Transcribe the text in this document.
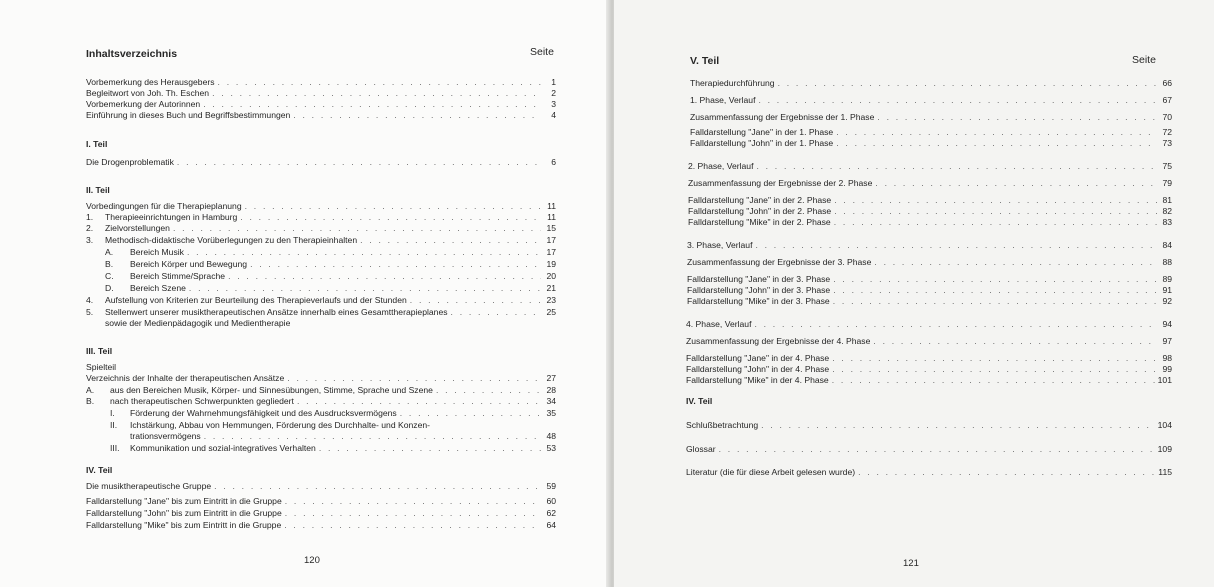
Inhaltsverzeichnis	Seite
Vorbemerkung des Herausgebers . . .	1
Begleitwort von Joh. Th. Eschen . . .	2
Vorbemerkung der Autorinnen . . .	3
Einführung in dieses Buch und Begriffsbestimmungen . . .	4
I. Teil
Die Drogenproblematik . . .	6
II. Teil
Vorbedingungen für die Therapieplanung . . .	11
1.	Therapieeinrichtungen in Hamburg . . .	11
2.	Zielvorstellungen . . .	15
3.	Methodisch-didaktische Vorüberlegungen zu den Therapieinhalten . . .	17
A.	Bereich Musik . . .	17
B.	Bereich Körper und Bewegung . . .	19
C.	Bereich Stimme/Sprache . . .	20
D.	Bereich Szene . . .	21
4.	Aufstellung von Kriterien zur Beurteilung des Therapieverlaufs und der Stunden . . .	23
5.	Stellenwert unserer musiktherapeutischen Ansätze innerhalb eines Gesamttherapieplanes . . .	25
sowie der Medienpädagogik und Medientherapie
III. Teil
Spielteil
Verzeichnis der Inhalte der therapeutischen Ansätze . . .	27
A.	aus den Bereichen Musik, Körper- und Sinnesübungen, Stimme, Sprache und Szene . . .	28
B.	nach therapeutischen Schwerpunkten gegliedert . . .	34
I.	Förderung der Wahrnehmungsfähigkeit und des Ausdrucksvermögens . . .	35
II.	Ichstärkung, Abbau von Hemmungen, Förderung des Durchhalte- und Konzen-
trationsvermögens . . .	48
III.	Kommunikation und sozial-integratives Verhalten . . .	53
IV. Teil
Die musiktherapeutische Gruppe . . .	59
Falldarstellung "Jane" bis zum Eintritt in die Gruppe . . .	60
Falldarstellung "John" bis zum Eintritt in die Gruppe . . .	62
Falldarstellung "Mike" bis zum Eintritt in die Gruppe . . .	64
120
V. Teil	Seite
Therapiedurchführung . . .	66
1. Phase, Verlauf . . .	67
Zusammenfassung der Ergebnisse der 1. Phase . . .	70
Falldarstellung "Jane" in der 1. Phase . . .	72
Falldarstellung "John" in der 1. Phase . . .	73
2. Phase, Verlauf . . .	75
Zusammenfassung der Ergebnisse der 2. Phase . . .	79
Falldarstellung "Jane" in der 2. Phase . . .	81
Falldarstellung "John" in der 2. Phase . . .	82
Falldarstellung "Mike" in der 2. Phase . . .	83
3. Phase, Verlauf . . .	84
Zusammenfassung der Ergebnisse der 3. Phase . . .	88
Falldarstellung "Jane" in der 3. Phase . . .	89
Falldarstellung "John" in der 3. Phase . . .	91
Falldarstellung "Mike" in der 3. Phase . . .	92
4. Phase, Verlauf . . .	94
Zusammenfassung der Ergebnisse der 4. Phase . . .	97
Falldarstellung "Jane" in der 4. Phase . . .	98
Falldarstellung "John" in der 4. Phase . . .	99
Falldarstellung "Mike" in der 4. Phase . . .	101
IV. Teil
Schlußbetrachtung . . .	104
Glossar . . .	109
Literatur (die für diese Arbeit gelesen wurde) . . .	115
121
